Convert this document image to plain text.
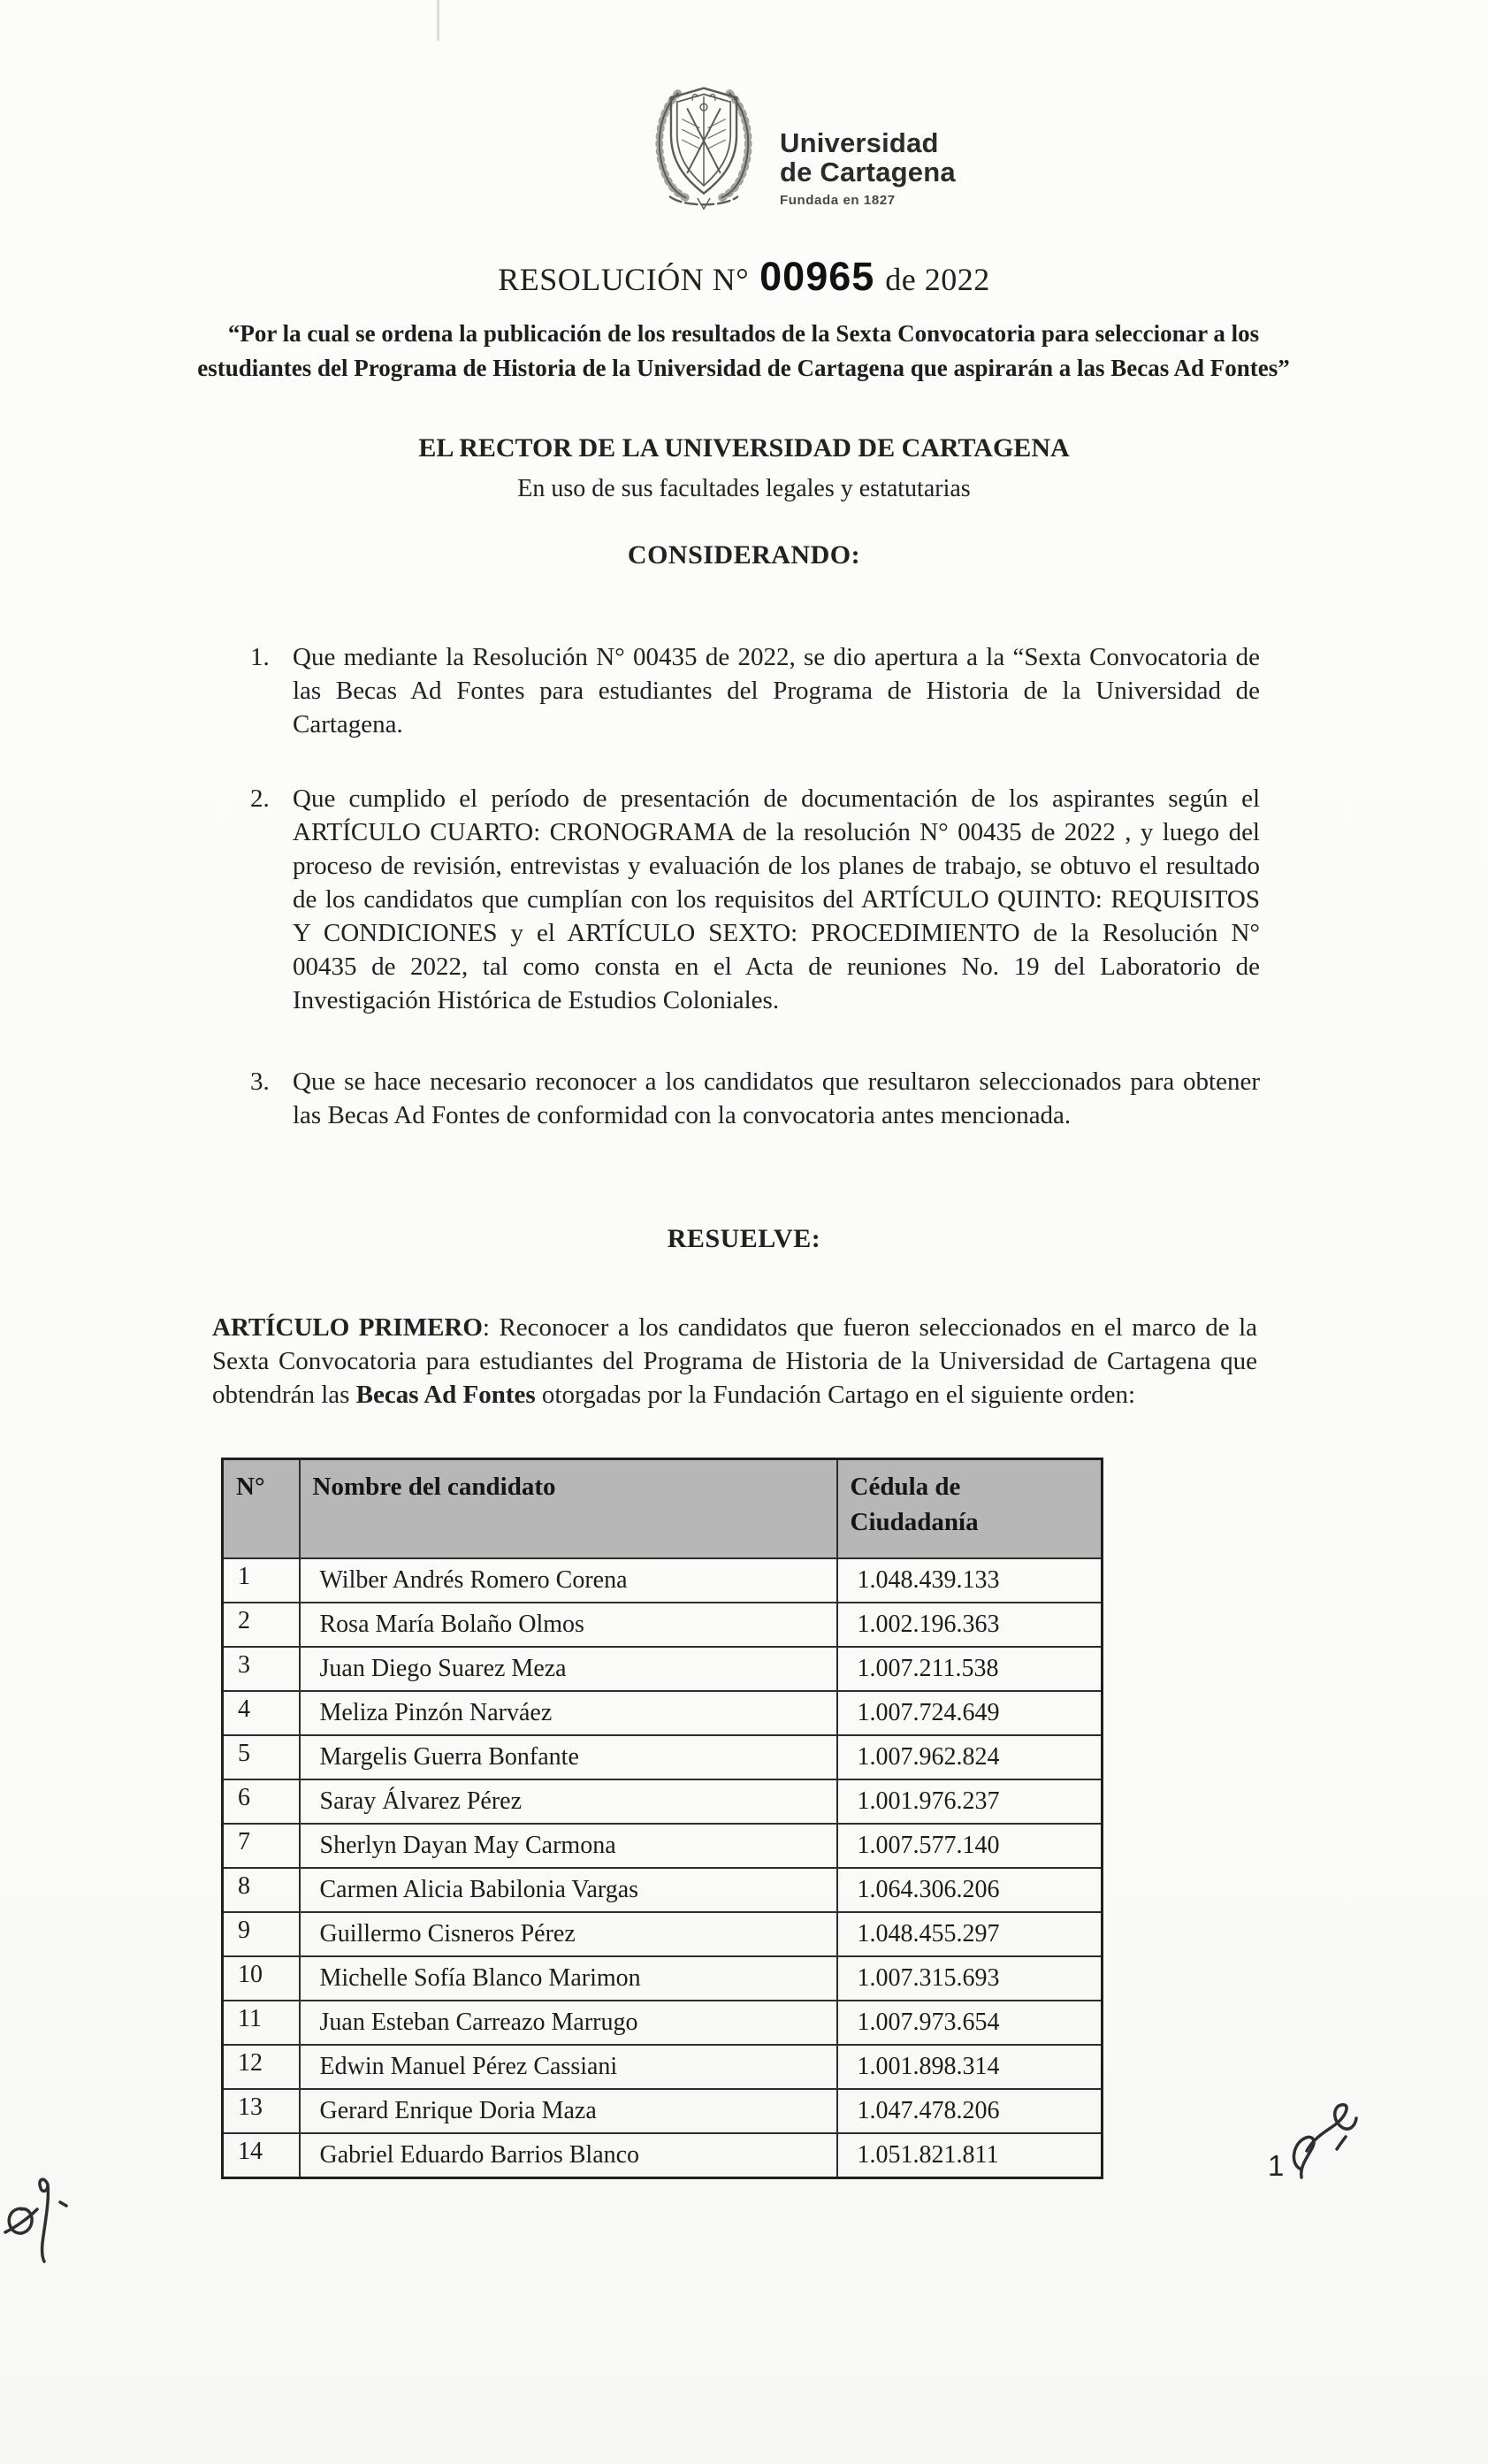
Universidad
de Cartagena
Fundada en 1827
RESOLUCIÓN N° 00965 de 2022
“Por la cual se ordena la publicación de los resultados de la Sexta Convocatoria para seleccionar a los estudiantes del Programa de Historia de la Universidad de Cartagena que aspirarán a las Becas Ad Fontes”
EL RECTOR DE LA UNIVERSIDAD DE CARTAGENA
En uso de sus facultades legales y estatutarias
CONSIDERANDO:
1. Que mediante la Resolución N° 00435 de 2022, se dio apertura a la “Sexta Convocatoria de las Becas Ad Fontes para estudiantes del Programa de Historia de la Universidad de Cartagena.
2. Que cumplido el período de presentación de documentación de los aspirantes según el ARTÍCULO CUARTO: CRONOGRAMA de la resolución N° 00435 de 2022 , y luego del proceso de revisión, entrevistas y evaluación de los planes de trabajo, se obtuvo el resultado de los candidatos que cumplían con los requisitos del ARTÍCULO QUINTO: REQUISITOS Y CONDICIONES y el ARTÍCULO SEXTO: PROCEDIMIENTO de la Resolución N° 00435 de 2022, tal como consta en el Acta de reuniones No. 19 del Laboratorio de Investigación Histórica de Estudios Coloniales.
3. Que se hace necesario reconocer a los candidatos que resultaron seleccionados para obtener las Becas Ad Fontes de conformidad con la convocatoria antes mencionada.
RESUELVE:

ARTÍCULO PRIMERO: Reconocer a los candidatos que fueron seleccionados en el marco de la Sexta Convocatoria para estudiantes del Programa de Historia de la Universidad de Cartagena que obtendrán las Becas Ad Fontes otorgadas por la Fundación Cartago en el siguiente orden:

N°	Nombre del candidato	Cédula de Ciudadanía
1	Wilber Andrés Romero Corena	1.048.439.133
2	Rosa María Bolaño Olmos	1.002.196.363
3	Juan Diego Suarez Meza	1.007.211.538
4	Meliza Pinzón Narváez	1.007.724.649
5	Margelis Guerra Bonfante	1.007.962.824
6	Saray Álvarez Pérez	1.001.976.237
7	Sherlyn Dayan May Carmona	1.007.577.140
8	Carmen Alicia Babilonia Vargas	1.064.306.206
9	Guillermo Cisneros Pérez	1.048.455.297
10	Michelle Sofía Blanco Marimon	1.007.315.693
11	Juan Esteban Carreazo Marrugo	1.007.973.654
12	Edwin Manuel Pérez Cassiani	1.001.898.314
13	Gerard Enrique Doria Maza	1.047.478.206
14	Gabriel Eduardo Barrios Blanco	1.051.821.811	1
